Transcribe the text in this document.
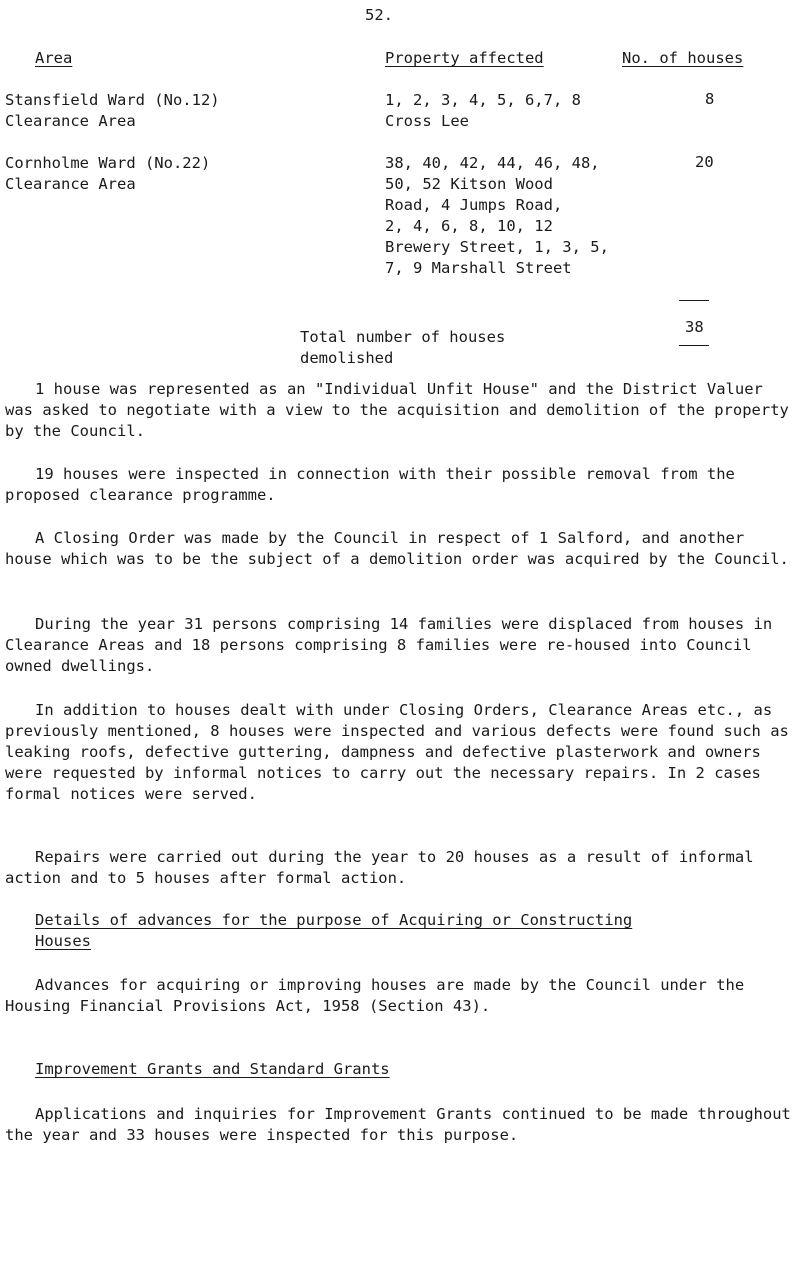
52.
Area	Property affected	No. of houses
Stansfield Ward (No.12)
Clearance Area
1, 2, 3, 4, 5, 6,7, 8
Cross Lee
8
Cornholme Ward (No.22)
Clearance Area
38, 40, 42, 44, 46, 48,
50, 52 Kitson Wood
Road, 4 Jumps Road,
2, 4, 6, 8, 10, 12
Brewery Street, 1, 3, 5,
7, 9 Marshall Street
20
Total number of houses
demolished
38
1 house was represented as an "Individual Unfit House" and the District Valuer was asked to negotiate with a view to the acquisition and demolition of the property by the Council.
19 houses were inspected in connection with their possible removal from the proposed clearance programme.
A Closing Order was made by the Council in respect of 1 Salford, and another house which was to be the subject of a demolition order was acquired by the Council.
During the year 31 persons comprising 14 families were displaced from houses in Clearance Areas and 18 persons comprising 8 families were re-housed into Council owned dwellings.
In addition to houses dealt with under Closing Orders, Clearance Areas etc., as previously mentioned, 8 houses were inspected and various defects were found such as leaking roofs, defective guttering, dampness and defective plasterwork and owners were requested by informal notices to carry out the necessary repairs. In 2 cases formal notices were served.
Repairs were carried out during the year to 20 houses as a result of informal action and to 5 houses after formal action.
Details of advances for the purpose of Acquiring or Constructing Houses
Advances for acquiring or improving houses are made by the Council under the Housing Financial Provisions Act, 1958 (Section 43).
Improvement Grants and Standard Grants
Applications and inquiries for Improvement Grants continued to be made throughout the year and 33 houses were inspected for this purpose.
